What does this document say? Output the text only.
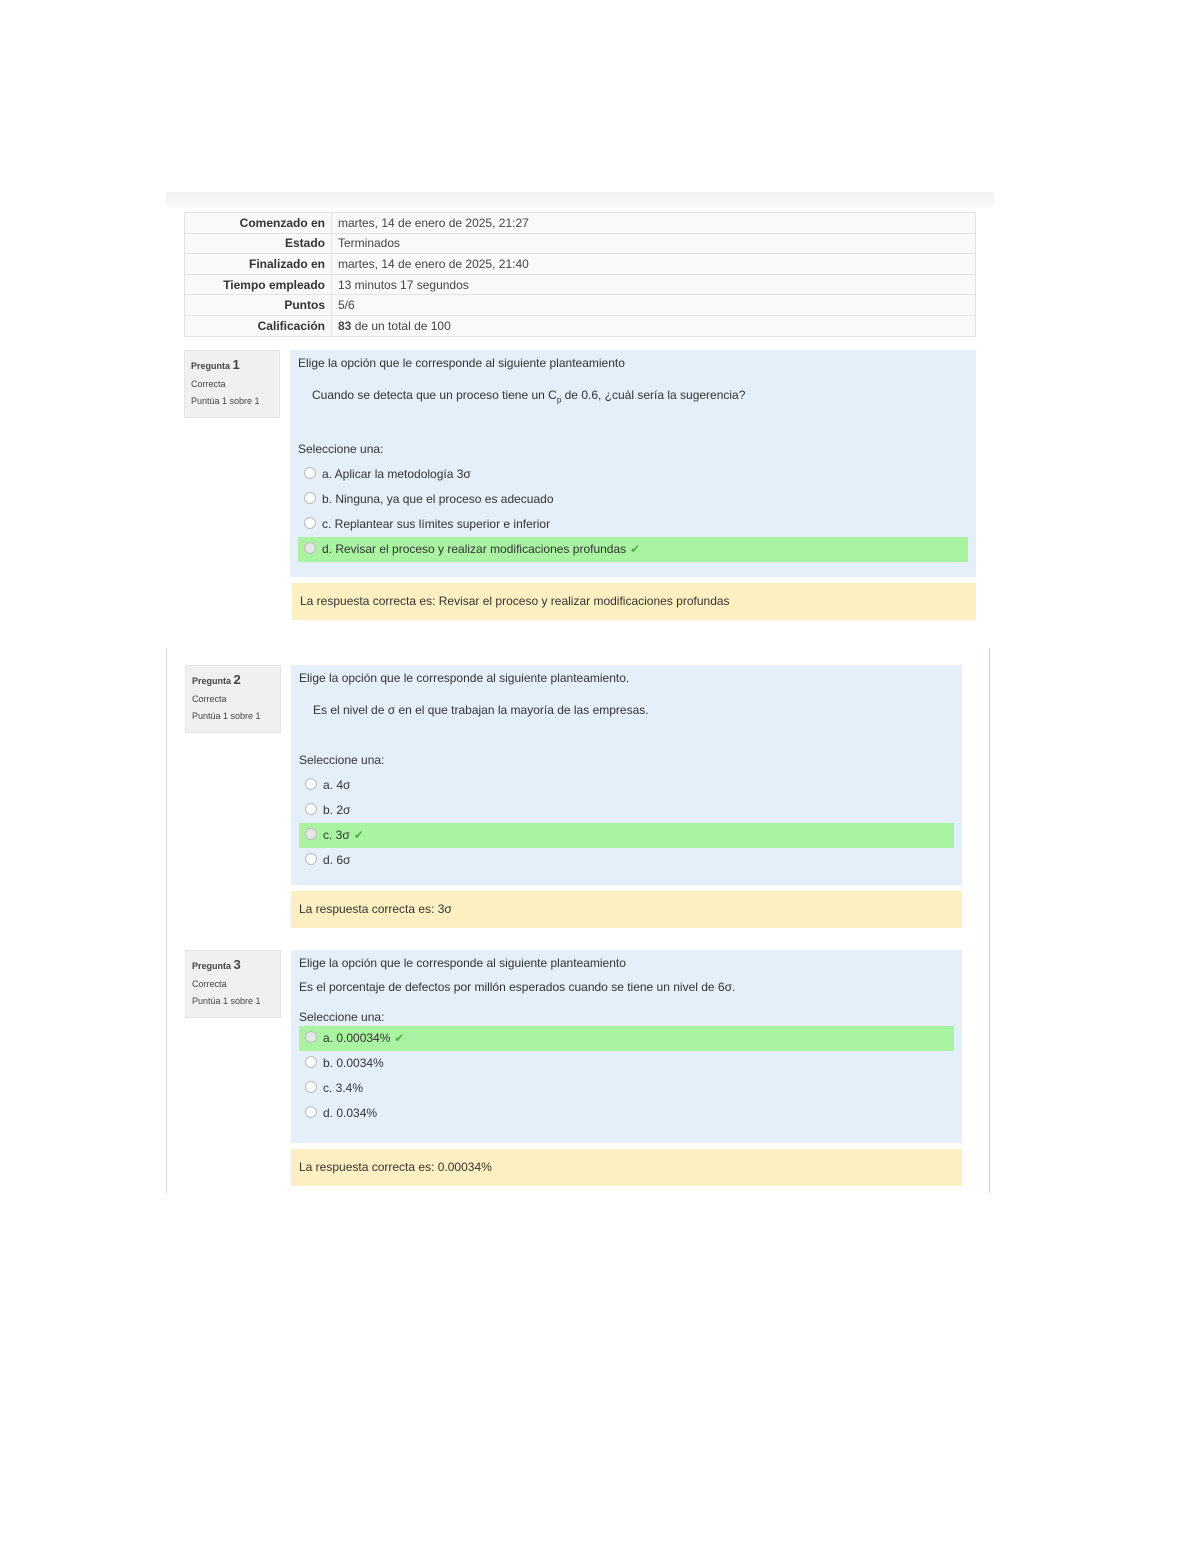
Comenzado en	martes, 14 de enero de 2025, 21:27
Estado	Terminados
Finalizado en	martes, 14 de enero de 2025, 21:40
Tiempo empleado	13 minutos 17 segundos
Puntos	5/6
Calificación	83 de un total de 100
Pregunta 1
Correcta
Puntúa 1 sobre 1
Elige la opción que le corresponde al siguiente planteamiento
Cuando se detecta que un proceso tiene un $C_p$ de 0.6, ¿cuál sería la sugerencia?
Seleccione una:
a. Aplicar la metodología 3σ
b. Ninguna, ya que el proceso es adecuado
c. Replantear sus límites superior e inferior
d. Revisar el proceso y realizar modificaciones profundas ✔
La respuesta correcta es: Revisar el proceso y realizar modificaciones profundas
Pregunta 2
Correcta
Puntúa 1 sobre 1
Elige la opción que le corresponde al siguiente planteamiento.
Es el nivel de σ en el que trabajan la mayoría de las empresas.
Seleccione una:
a. 4σ
b. 2σ
c. 3σ ✔
d. 6σ
La respuesta correcta es: 3σ
Pregunta 3
Correcta
Puntúa 1 sobre 1
Elige la opción que le corresponde al siguiente planteamiento
Es el porcentaje de defectos por millón esperados cuando se tiene un nivel de 6σ.
Seleccione una:
a. 0.00034% ✔
b. 0.0034%
c. 3.4%
d. 0.034%
La respuesta correcta es: 0.00034%
